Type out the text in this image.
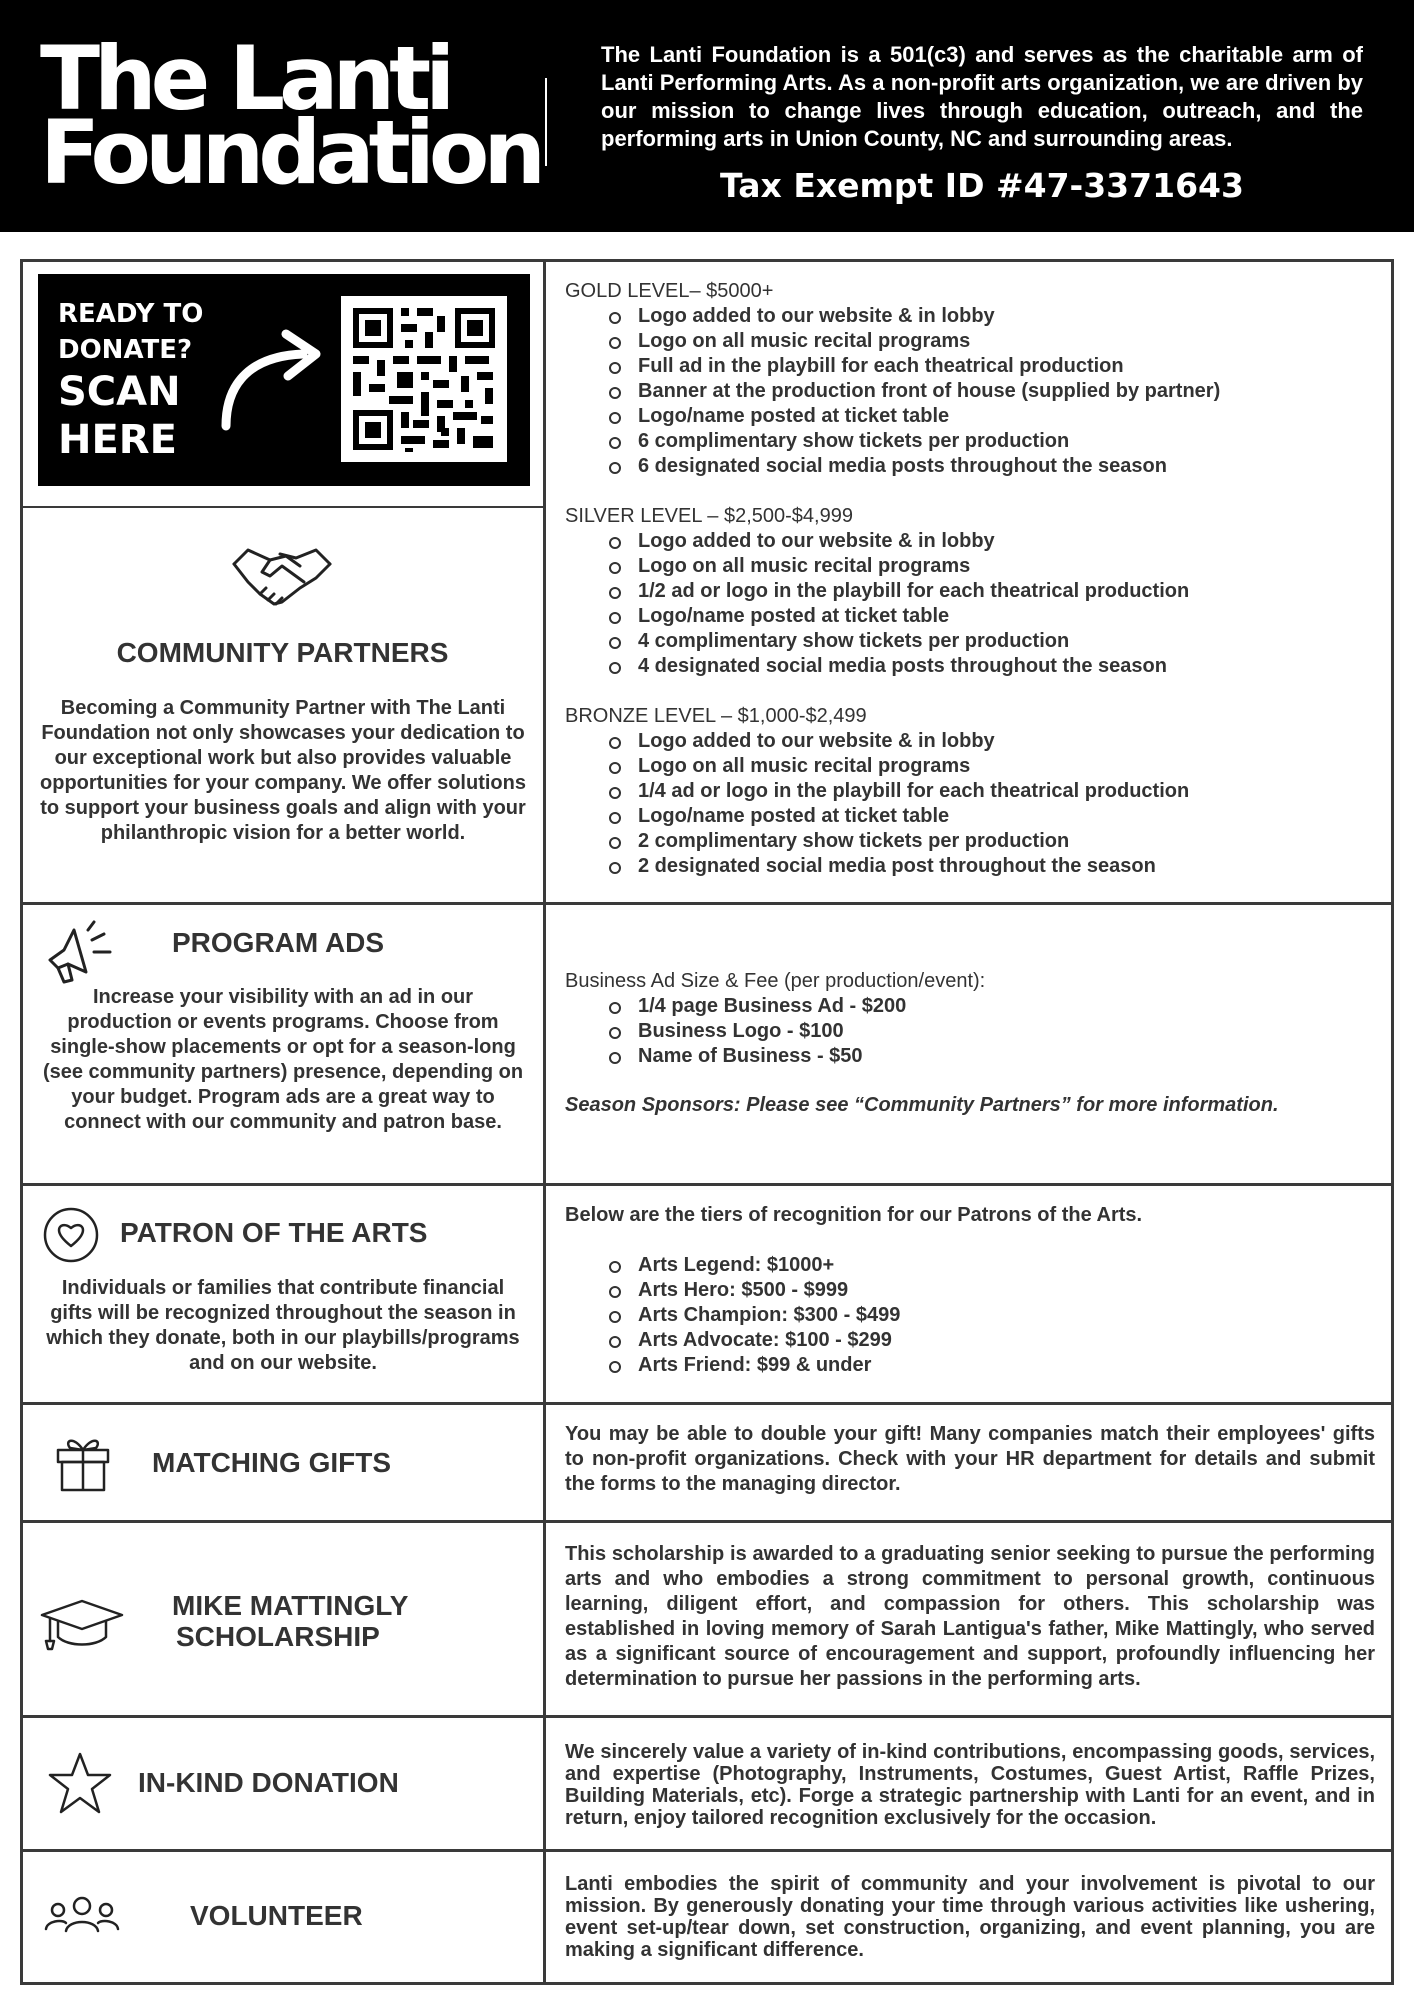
The Lanti
Foundation
The Lanti Foundation is a 501(c3) and serves as the charitable arm of Lanti Performing Arts. As a non-profit arts organization, we are driven by our mission to change lives through education, outreach, and the performing arts in Union County, NC and surrounding areas.
Tax Exempt ID #47-3371643
READY TO
DONATE?
SCAN
HERE
COMMUNITY PARTNERS
Becoming a Community Partner with The Lanti Foundation not only showcases your dedication to our exceptional work but also provides valuable opportunities for your company. We offer solutions to support your business goals and align with your philanthropic vision for a better world.
GOLD LEVEL– $5000+
Logo added to our website & in lobby
Logo on all music recital programs
Full ad in the playbill for each theatrical production
Banner at the production front of house (supplied by partner)
Logo/name posted at ticket table
6 complimentary show tickets per production
6 designated social media posts throughout the season
SILVER LEVEL – $2,500-$4,999
Logo added to our website & in lobby
Logo on all music recital programs
1/2 ad or logo in the playbill for each theatrical production
Logo/name posted at ticket table
4 complimentary show tickets per production
4 designated social media posts throughout the season
BRONZE LEVEL – $1,000-$2,499
Logo added to our website & in lobby
Logo on all music recital programs
1/4 ad or logo in the playbill for each theatrical production
Logo/name posted at ticket table
2 complimentary show tickets per production
2 designated social media post throughout the season
PROGRAM ADS
Increase your visibility with an ad in our production or events programs. Choose from single-show placements or opt for a season-long (see community partners) presence, depending on your budget. Program ads are a great way to connect with our community and patron base.
Business Ad Size & Fee (per production/event):
1/4 page Business Ad - $200
Business Logo - $100
Name of Business - $50
Season Sponsors: Please see “Community Partners” for more information.
PATRON OF THE ARTS
Individuals or families that contribute financial gifts will be recognized throughout the season in which they donate, both in our playbills/programs and on our website.
Below are the tiers of recognition for our Patrons of the Arts.
Arts Legend: $1000+
Arts Hero: $500 - $999
Arts Champion: $300 - $499
Arts Advocate: $100 - $299
Arts Friend: $99 & under
MATCHING GIFTS
You may be able to double your gift! Many companies match their employees' gifts to non-profit organizations. Check with your HR department for details and submit the forms to the managing director.
MIKE MATTINGLY
SCHOLARSHIP
This scholarship is awarded to a graduating senior seeking to pursue the performing arts and who embodies a strong commitment to personal growth, continuous learning, diligent effort, and compassion for others. This scholarship was established in loving memory of Sarah Lantigua's father, Mike Mattingly, who served as a significant source of encouragement and support, profoundly influencing her determination to pursue her passions in the performing arts.
IN-KIND DONATION
We sincerely value a variety of in-kind contributions, encompassing goods, services, and expertise (Photography, Instruments, Costumes, Guest Artist, Raffle Prizes, Building Materials, etc). Forge a strategic partnership with Lanti for an event, and in return, enjoy tailored recognition exclusively for the occasion.
VOLUNTEER
Lanti embodies the spirit of community and your involvement is pivotal to our mission. By generously donating your time through various activities like ushering, event set-up/tear down, set construction, organizing, and event planning, you are making a significant difference.
